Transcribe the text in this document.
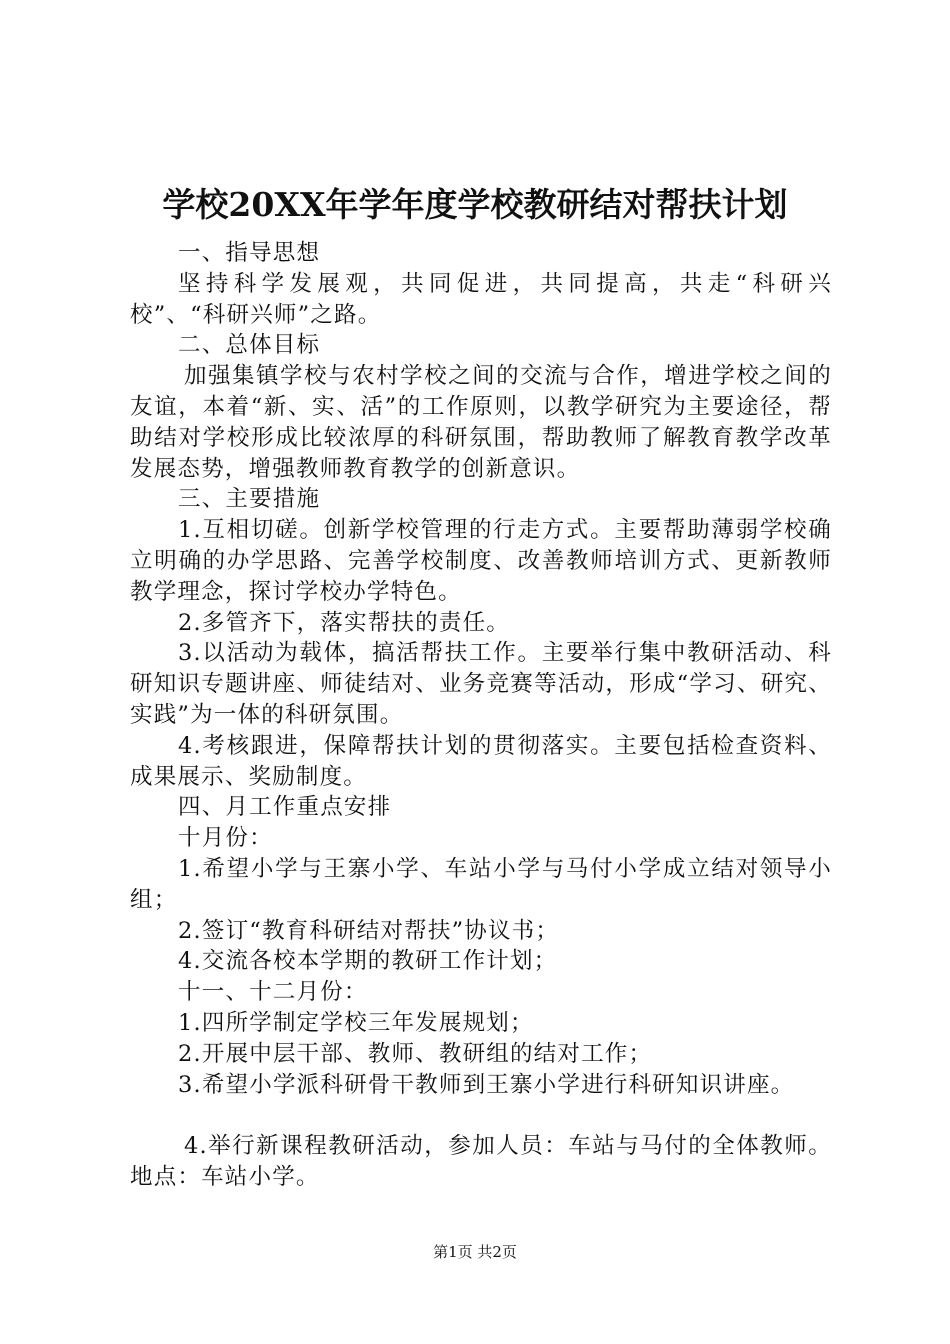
学校20XX年学年度学校教研结对帮扶计划

一、指导思想

坚持科学发展观，共同促进，共同提高，共走“科研兴校”、“科研兴师”之路。

二、总体目标

加强集镇学校与农村学校之间的交流与合作，增进学校之间的友谊，本着“新、实、活”的工作原则，以教学研究为主要途径，帮助结对学校形成比较浓厚的科研氛围，帮助教师了解教育教学改革发展态势，增强教师教育教学的创新意识。

三、主要措施

1.互相切磋。创新学校管理的行走方式。主要帮助薄弱学校确立明确的办学思路、完善学校制度、改善教师培训方式、更新教师教学理念，探讨学校办学特色。

2.多管齐下，落实帮扶的责任。

3.以活动为载体，搞活帮扶工作。主要举行集中教研活动、科研知识专题讲座、师徒结对、业务竞赛等活动，形成“学习、研究、实践”为一体的科研氛围。

4.考核跟进，保障帮扶计划的贯彻落实。主要包括检查资料、成果展示、奖励制度。

四、月工作重点安排

十月份：

1.希望小学与王寨小学、车站小学与马付小学成立结对领导小组；

2.签订“教育科研结对帮扶”协议书；

4.交流各校本学期的教研工作计划；

十一、十二月份：

1.四所学制定学校三年发展规划；

2.开展中层干部、教师、教研组的结对工作；

3.希望小学派科研骨干教师到王寨小学进行科研知识讲座。

4.举行新课程教研活动，参加人员：车站与马付的全体教师。地点：车站小学。

第1页 共2页
